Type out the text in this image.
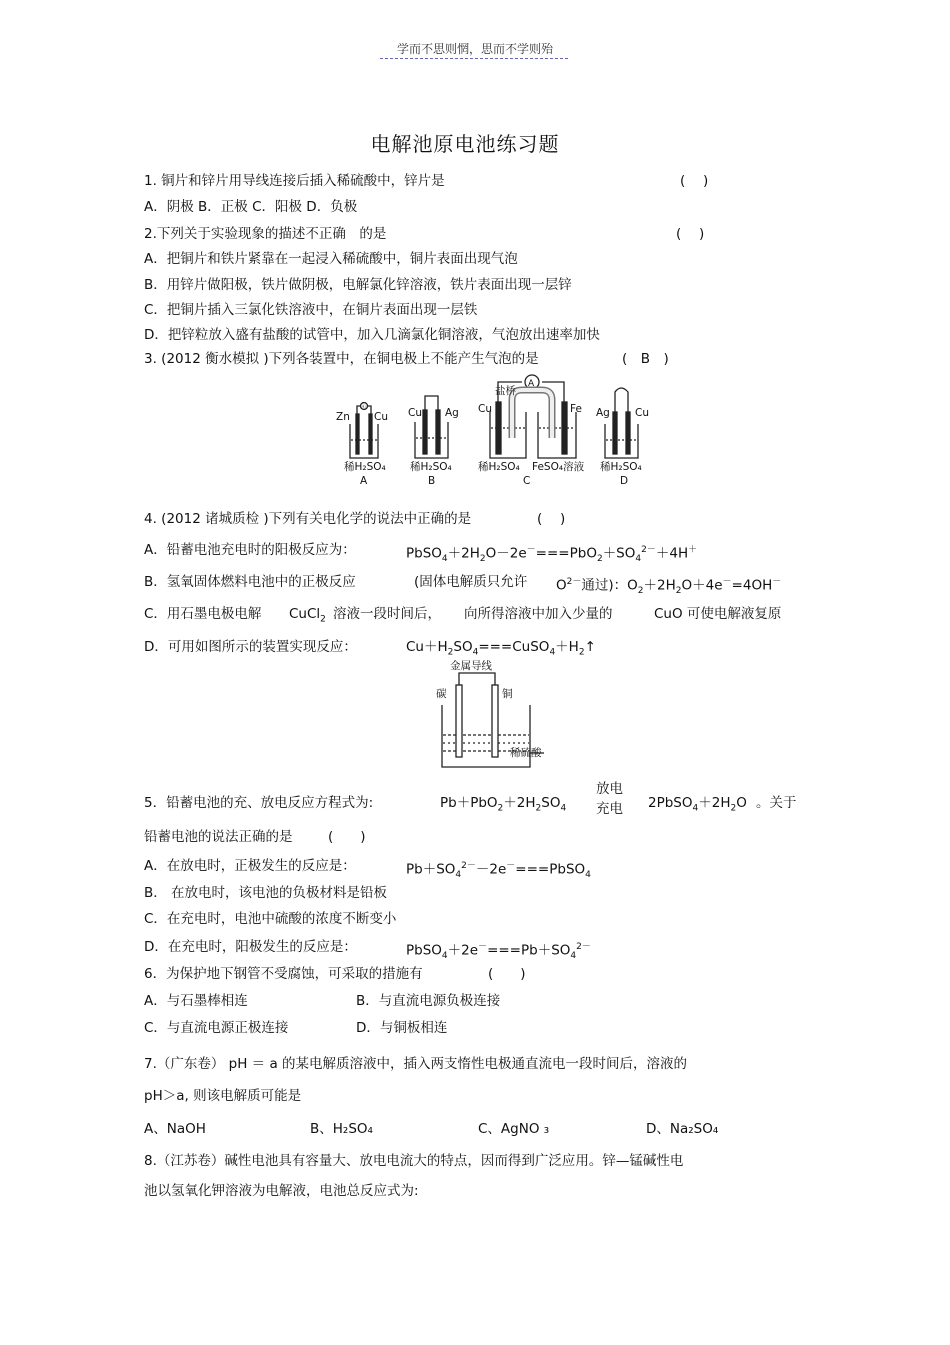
学而不思则惘，思而不学则殆
电解池原电池练习题
1. 铜片和锌片用导线连接后插入稀硫酸中，锌片是	(　 )
A．阴极 B．正极 C．阳极 D．负极
2.下列关于实验现象的描述不正确　的是	(　 )
A．把铜片和铁片紧靠在一起浸入稀硫酸中，铜片表面出现气泡
B．用锌片做阳极，铁片做阴极，电解氯化锌溶液，铁片表面出现一层锌
C．把铜片插入三氯化铁溶液中，在铜片表面出现一层铁
D．把锌粒放入盛有盐酸的试管中，加入几滴氯化铜溶液，气泡放出速率加快
3. (2012 衡水模拟 )下列各装置中，在铜电极上不能产生气泡的是	(　B　)
Zn Cu
Ⓐ
稀H₂SO₄
A
Cu Ag
稀H₂SO₄
B
Cu	Fe
盐桥
A
稀H₂SO₄ FeSO₄溶液
C
Ag Cu
稀H₂SO₄
D
4. (2012 诸城质检 )下列有关电化学的说法中正确的是	(　 )
A．铅蓄电池充电时的阳极反应为：	$PbSO_4+2H_2O-2e^-===PbO_2+SO_4^{2-}+4H^+$
B．氢氧固体燃料电池中的正极反应	(固体电解质只允许 $O^{2-}$通过)：$O_2+2H_2O+4e^-=4OH^-$
C．用石墨电极电解 CuCl$_2$ 溶液一段时间后， 向所得溶液中加入少量的	CuO 可使电解液复原
D．可用如图所示的装置实现反应：	$Cu+H_2SO_4===CuSO_4+H_2↑$
金属导线
碳	铜
稀硫酸
5．铅蓄电池的充、放电反应方程式为:	$Pb+PbO_2+2H_2SO_4$
放电
充电 $2PbSO_4+2H_2O$ 。关于
铅蓄电池的说法正确的是	(　　)
A．在放电时，正极发生的反应是：	$Pb+SO_4^{2-}-2e^-===PbSO_4$
B． 在放电时，该电池的负极材料是铅板
C．在充电时，电池中硫酸的浓度不断变小
D．在充电时，阳极发生的反应是：	$PbSO_4+2e^-===Pb+SO_4^{2-}$
6．为保护地下钢管不受腐蚀，可采取的措施有	(　　)
A．与石墨棒相连	B．与直流电源负极连接
C．与直流电源正极连接	D．与铜板相连
7.（广东卷） pH ＝ a 的某电解质溶液中，插入两支惰性电极通直流电一段时间后，溶液的
pH＞a, 则该电解质可能是
A、NaOH	B、H₂SO₄	C、AgNO ₃	D、Na₂SO₄
8.（江苏卷）碱性电池具有容量大、放电电流大的特点，因而得到广泛应用。锌—锰碱性电
池以氢氧化钾溶液为电解液，电池总反应式为:
